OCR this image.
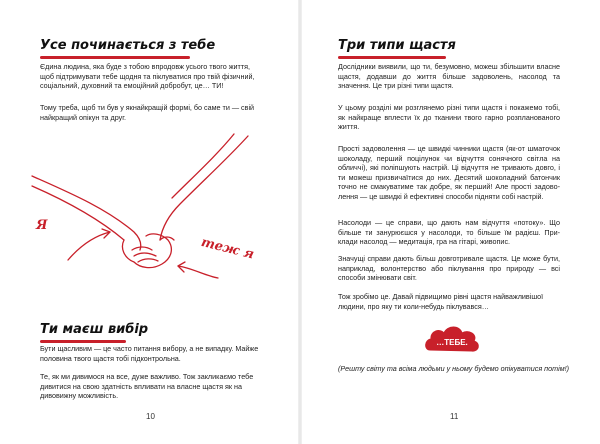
Усе починається з тебе

Єдина людина, яка буде з тобою впродовж усього твого життя, щоб підтримувати тебе щодня та піклуватися про твій фізичний, соціальний, духовний та емоційний добробут, це… ТИ!

Тому треба, щоб ти був у якнайкращій формі, бо саме ти — свій найкращий опікун та друг.

Я
теж я
Ти маєш вибір

Бути щасливим — це часто питання вибору, а не випадку. Майже половина твого щастя тобі підконтрольна.

Те, як ми дивимося на все, дуже важливо. Тож закликаємо тебе дивитися на свою здатність впливати на власне щастя як на дивовижну можливість.

10
Три типи щастя

Дослідники виявили, що ти, безумовно, можеш збільшити власне щастя, додавши до життя більше задоволень, насолод та значення. Це три різні типи щастя.

У цьому розділі ми розглянемо різні типи щастя і покажемо тобі, як найкраще вплести їх до тканини твого гарно розпланованого життя.

Прості задоволення — це швидкі чинники щастя (як-от шматочок шоколаду, перший поцілунок чи відчуття сонячного світла на обличчі), які поліпшують настрій. Ці відчуття не тривають довго, і ти можеш призвичаїтися до них. Десятий шоколадний батончик точно не смакуватиме так добре, як перший! Але прості задоволення — це швидкі й ефективні способи підняти собі настрій.

Насолоди — це справи, що дають нам відчуття «потоку». Що більше ти занурюєшся у насолоди, то більше їм радієш. Приклади насолод — медитація, гра на гітарі, живопис.

Значущі справи дають більш довготривале щастя. Це може бути, наприклад, волонтерство або піклування про природу — всі способи змінювати світ.

Тож зробімо це. Давай підвищимо рівні щастя найважливішої людини, про яку ти коли-небудь піклувався…

…ТЕБЕ.

(Решту світу та всіма людьми у ньому будемо опікуватися потім!)

11
